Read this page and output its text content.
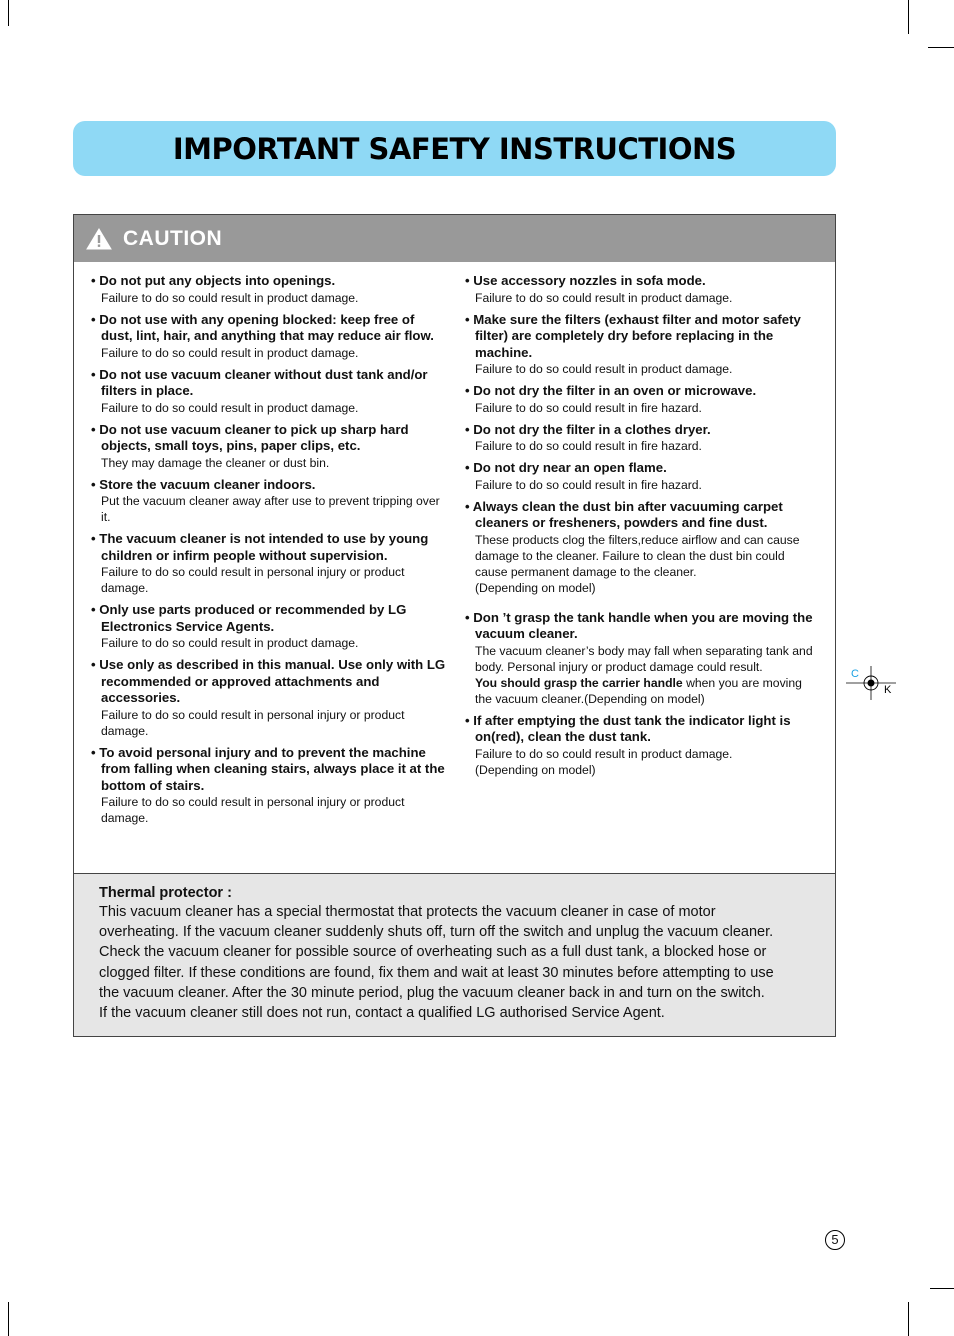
IMPORTANT SAFETY INSTRUCTIONS
CAUTION
• Do not put any objects into openings.
Failure to do so could result in product damage.
• Do not use with any opening blocked: keep free of dust, lint, hair, and anything that may reduce air flow.
Failure to do so could result in product damage.
• Do not use vacuum cleaner without dust tank and/or filters in place.
Failure to do so could result in product damage.
• Do not use vacuum cleaner to pick up sharp hard objects, small toys, pins, paper clips, etc.
They may damage the cleaner or dust bin.
• Store the vacuum cleaner indoors.
Put the vacuum cleaner away after use to prevent tripping over it.
• The vacuum cleaner is not intended to use by young children or infirm people without supervision.
Failure to do so could result in personal injury or product damage.
• Only use parts produced or recommended by LG Electronics Service Agents.
Failure to do so could result in product damage.
• Use only as described in this manual. Use only with LG recommended or approved attachments and accessories.
Failure to do so could result in personal injury or product damage.
• To avoid personal injury and to prevent the machine from falling when cleaning stairs, always place it at the bottom of stairs.
Failure to do so could result in personal injury or product damage.
• Use accessory nozzles in sofa mode.
Failure to do so could result in product damage.
• Make sure the filters (exhaust filter and motor safety filter) are completely dry before replacing in the machine.
Failure to do so could result in product damage.
• Do not dry the filter in an oven or microwave.
Failure to do so could result in fire hazard.
• Do not dry the filter in a clothes dryer.
Failure to do so could result in fire hazard.
• Do not dry near an open flame.
Failure to do so could result in fire hazard.
• Always clean the dust bin after vacuuming carpet cleaners or fresheners, powders and fine dust.
These products clog the filters,reduce airflow and can cause damage to the cleaner. Failure to clean the dust bin could cause permanent damage to the cleaner.
(Depending on model)
• Don ’t grasp the tank handle when you are moving the vacuum cleaner.
The vacuum cleaner’s body may fall when separating tank and body. Personal injury or product damage could result.
You should grasp the carrier handle when you are moving the vacuum cleaner.(Depending on model)
• If after emptying the dust tank the indicator light is on(red), clean the dust tank.
Failure to do so could result in product damage.
(Depending on model)
Thermal protector :

This vacuum cleaner has a special thermostat that protects the vacuum cleaner in case of motor

overheating. If the vacuum cleaner suddenly shuts off, turn off the switch and unplug the vacuum cleaner.

Check the vacuum cleaner for possible source of overheating such as a full dust tank, a blocked hose or

clogged filter. If these conditions are found, fix them and wait at least 30 minutes before attempting to use

the vacuum cleaner. After the 30 minute period, plug the vacuum cleaner back in and turn on the switch.

If the vacuum cleaner still does not run, contact a qualified LG authorised Service Agent.

C
K
5
